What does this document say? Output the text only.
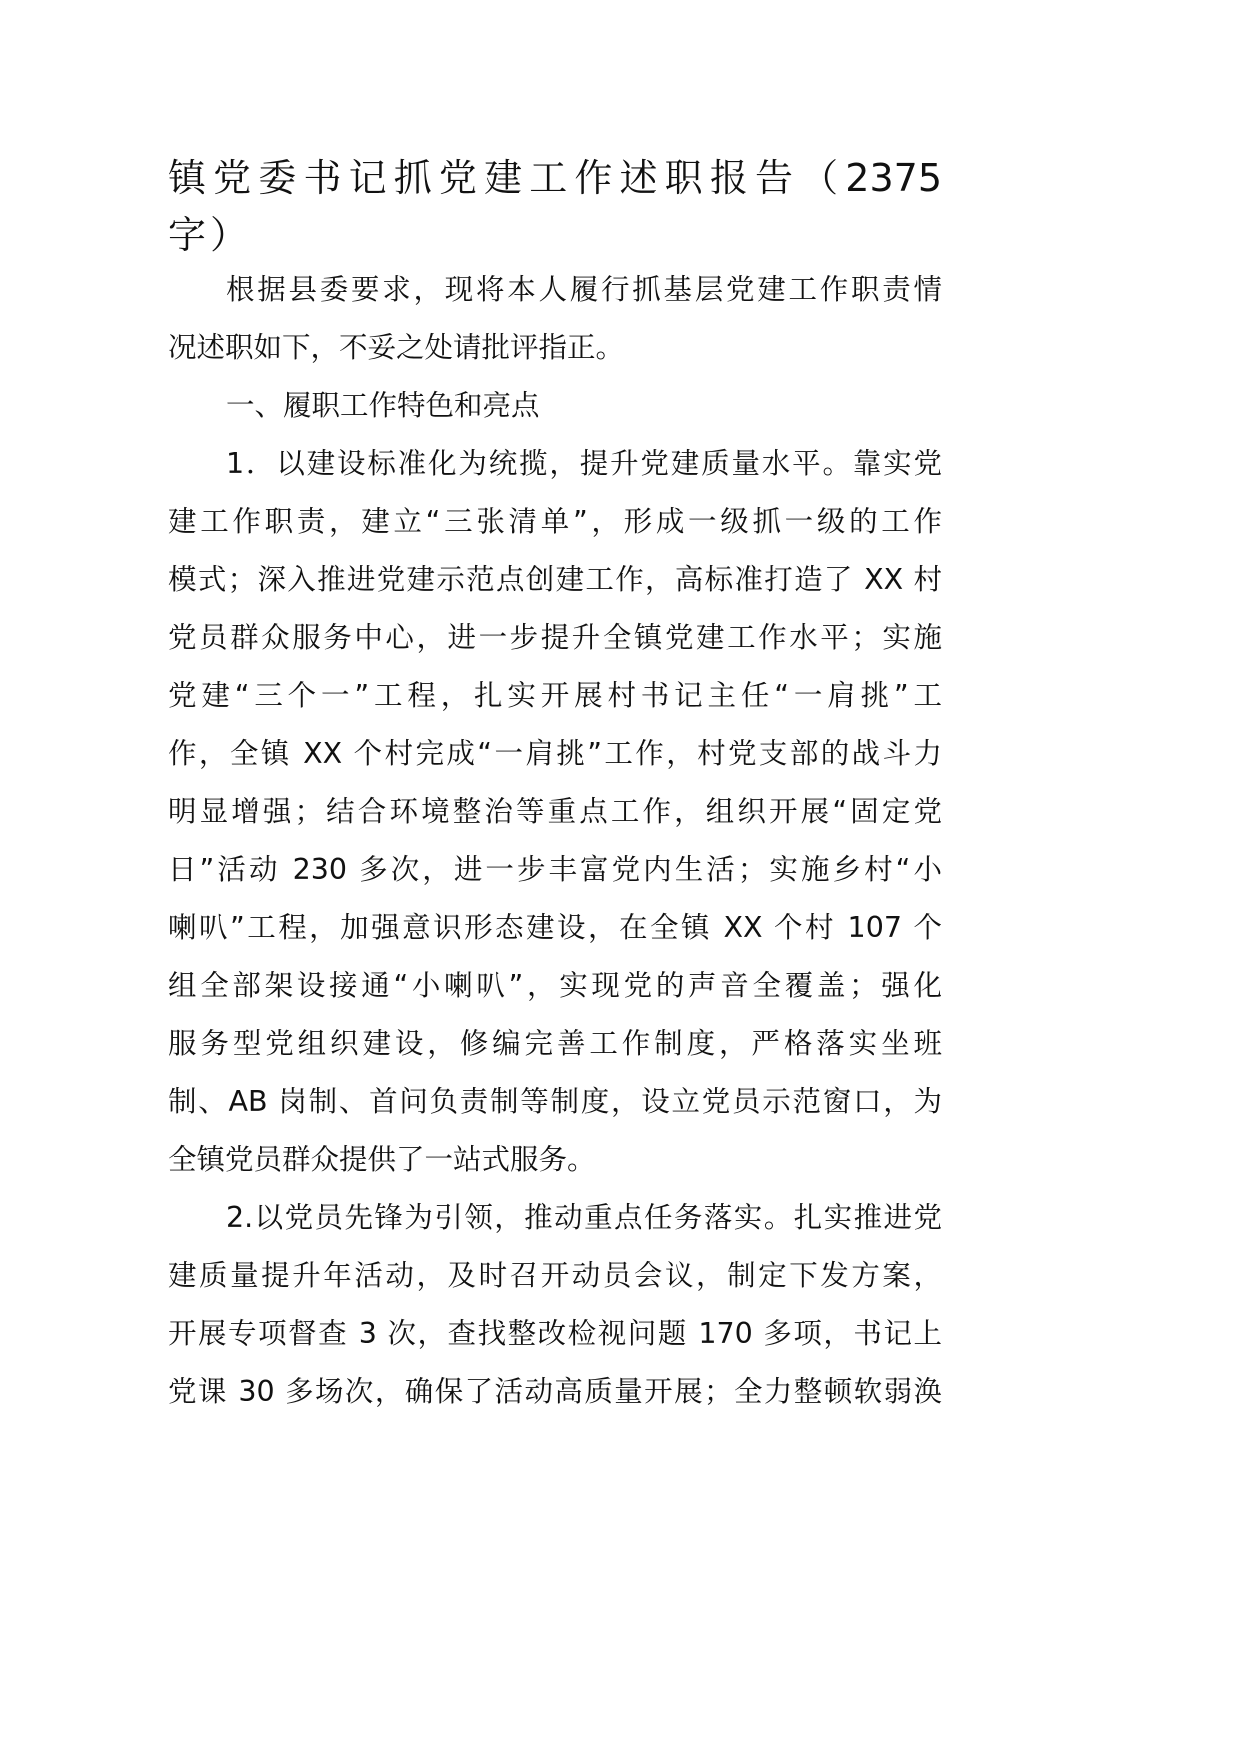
镇党委书记抓党建工作述职报告（2375
字）
根据县委要求，现将本人履行抓基层党建工作职责情
况述职如下，不妥之处请批评指正。
一、履职工作特色和亮点
1．以建设标准化为统揽，提升党建质量水平。靠实党
建工作职责，建立“三张清单”，形成一级抓一级的工作
模式；深入推进党建示范点创建工作，高标准打造了 XX 村
党员群众服务中心，进一步提升全镇党建工作水平；实施
党建“三个一”工程，扎实开展村书记主任“一肩挑”工
作，全镇 XX 个村完成“一肩挑”工作，村党支部的战斗力
明显增强；结合环境整治等重点工作，组织开展“固定党
日”活动 230 多次，进一步丰富党内生活；实施乡村“小
喇叭”工程，加强意识形态建设，在全镇 XX 个村 107 个
组全部架设接通“小喇叭”，实现党的声音全覆盖；强化
服务型党组织建设，修编完善工作制度，严格落实坐班
制、AB 岗制、首问负责制等制度，设立党员示范窗口，为
全镇党员群众提供了一站式服务。
2.以党员先锋为引领，推动重点任务落实。扎实推进党
建质量提升年活动，及时召开动员会议，制定下发方案，
开展专项督查 3 次，查找整改检视问题 170 多项，书记上
党课 30 多场次，确保了活动高质量开展；全力整顿软弱涣
